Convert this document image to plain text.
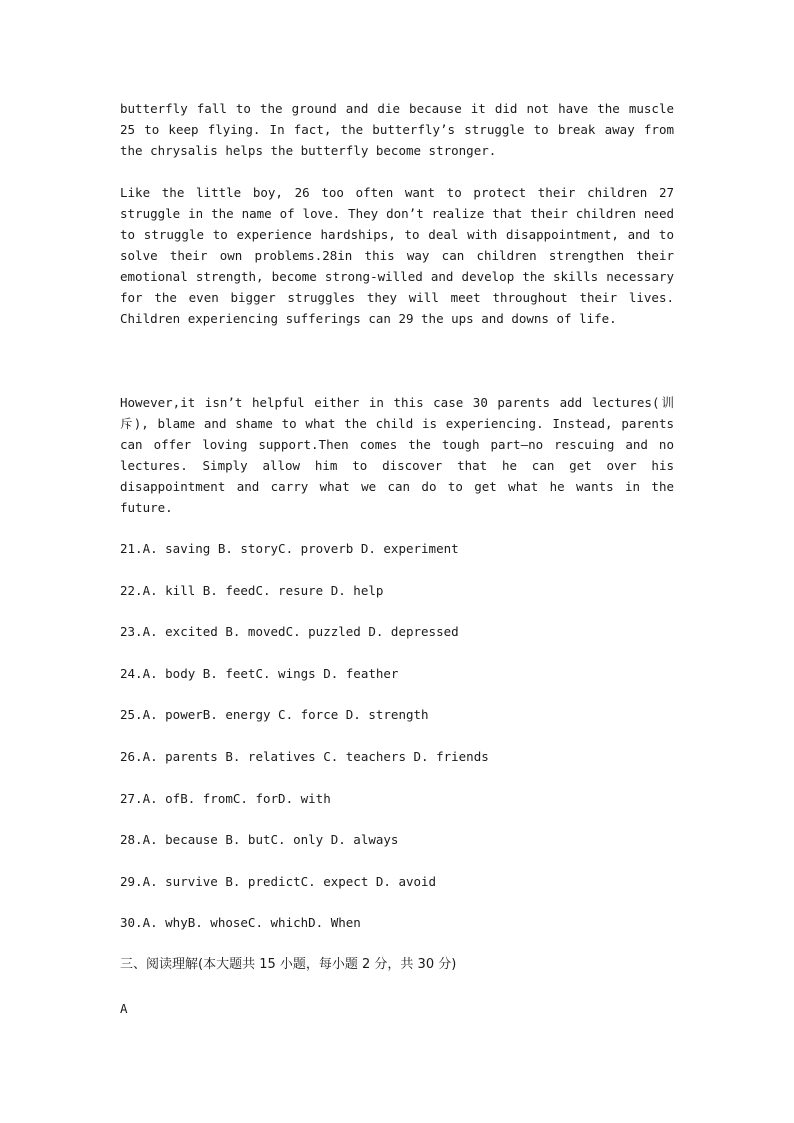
butterfly fall to the ground and die because it did not have the muscle 25 to keep flying. In fact, the butterfly’s struggle to break away from the chrysalis helps the butterfly become stronger.

Like the little boy, 26 too often want to protect their children 27 struggle in the name of love. They don’t realize that their children need to struggle to experience hardships, to deal with disappointment, and to solve their own problems.28in this way can children strengthen their emotional strength, become strong-willed and develop the skills necessary for the even bigger struggles they will meet throughout their lives. Children experiencing sufferings can 29 the ups and downs of life.

However,it isn’t helpful either in this case 30 parents add lectures(训斥), blame and shame to what the child is experiencing. Instead, parents can offer loving support.Then comes the tough part—no rescuing and no lectures. Simply allow him to discover that he can get over his disappointment and carry what we can do to get what he wants in the future.

21.A. saving B. storyC. proverb D. experiment

22.A. kill B. feedC. resure D. help

23.A. excited B. movedC. puzzled D. depressed

24.A. body B. feetC. wings D. feather

25.A. powerB. energy C. force D. strength

26.A. parents B. relatives C. teachers D. friends

27.A. ofB. fromC. forD. with

28.A. because B. butC. only D. always

29.A. survive B. predictC. expect D. avoid

30.A. whyB. whoseC. whichD. When

三、阅读理解(本大题共 15 小题，每小题 2 分，共 30 分)

A
